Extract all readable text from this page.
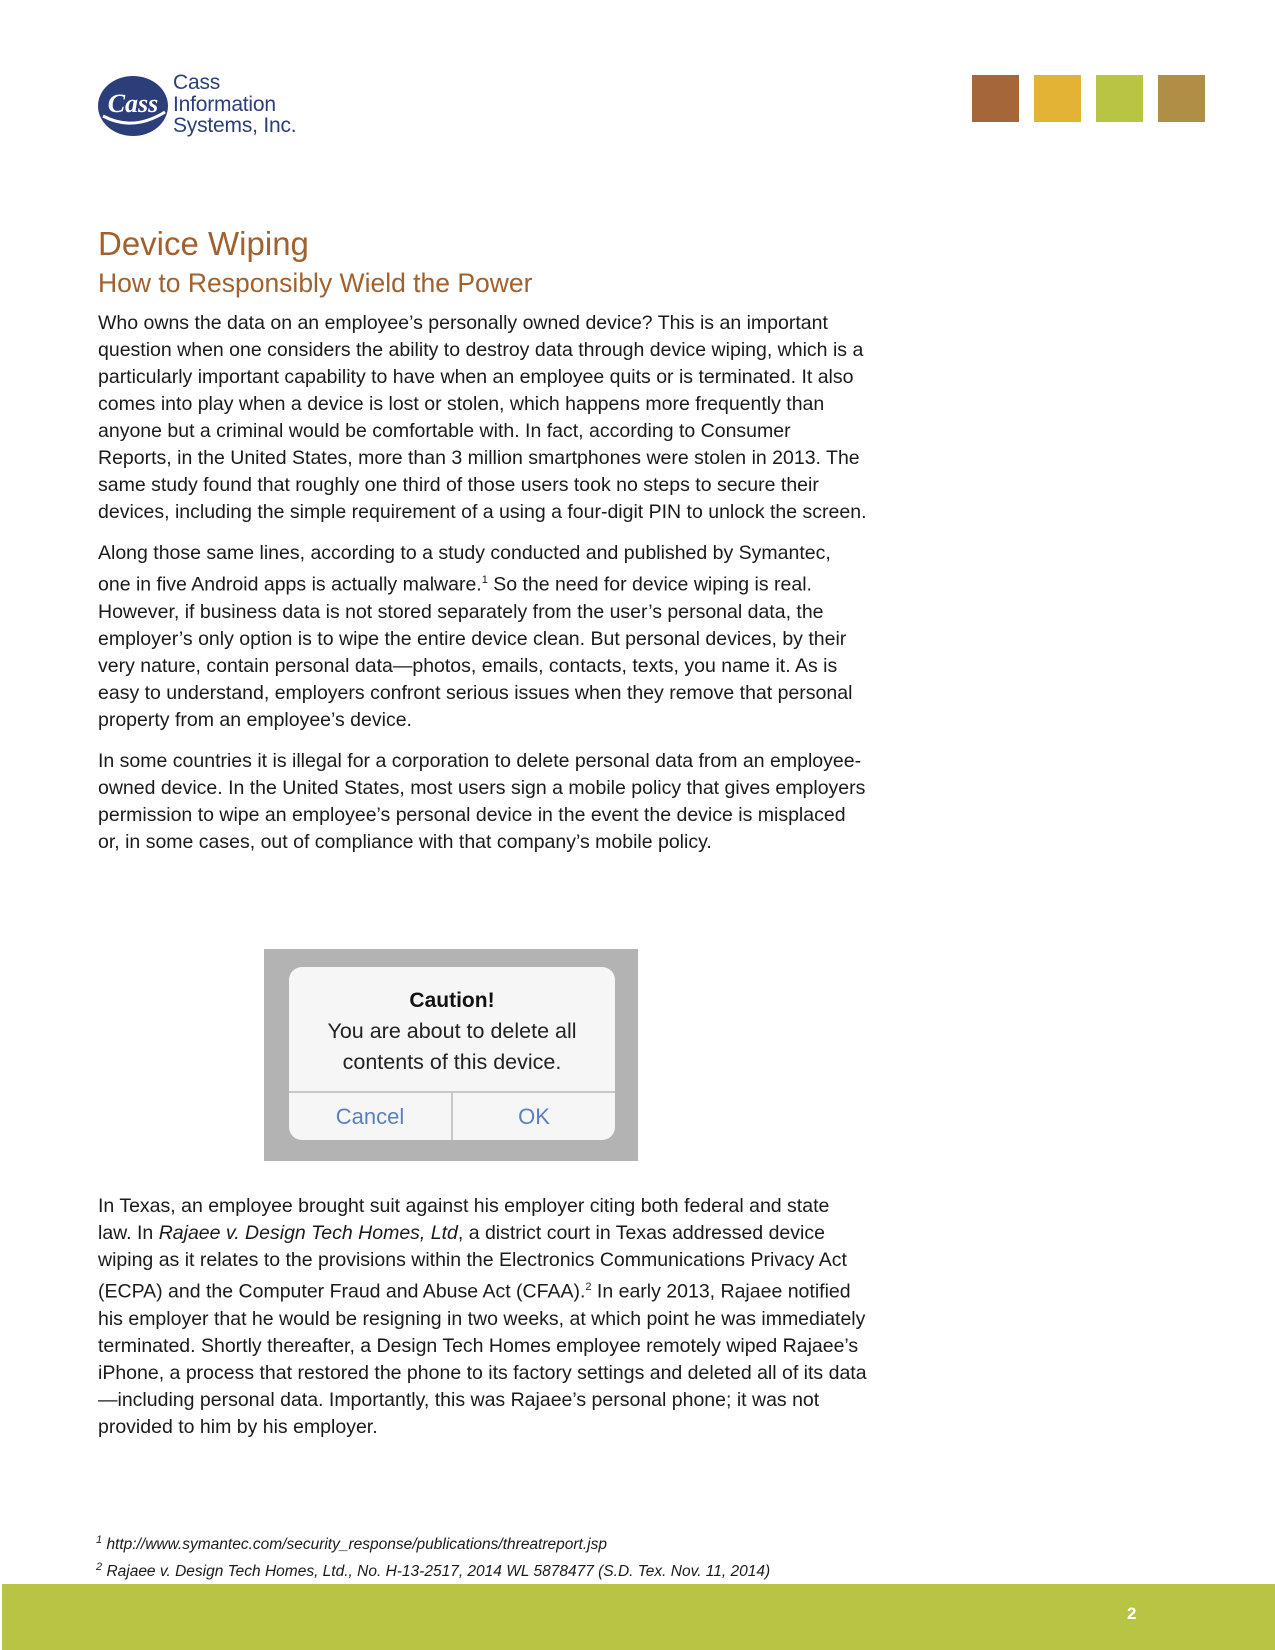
Cass
Cass
Information
Systems, Inc.
Device Wiping
How to Responsibly Wield the Power

Who owns the data on an employee’s personally owned device? This is an important question when one considers the ability to destroy data through device wiping, which is a particularly important capability to have when an employee quits or is terminated. It also comes into play when a device is lost or stolen, which happens more frequently than anyone but a criminal would be comfortable with. In fact, according to Consumer Reports, in the United States, more than 3 million smartphones were stolen in 2013. The same study found that roughly one third of those users took no steps to secure their devices, including the simple requirement of a using a four-digit PIN to unlock the screen.

Along those same lines, according to a study conducted and published by Symantec, one in five Android apps is actually malware.$^1$ So the need for device wiping is real. However, if business data is not stored separately from the user’s personal data, the employer’s only option is to wipe the entire device clean. But personal devices, by their very nature, contain personal data—photos, emails, contacts, texts, you name it. As is easy to understand, employers confront serious issues when they remove that personal property from an employee’s device.

In some countries it is illegal for a corporation to delete personal data from an employee-owned device. In the United States, most users sign a mobile policy that gives employers permission to wipe an employee’s personal device in the event the device is misplaced or, in some cases, out of compliance with that company’s mobile policy.

Caution!
You are about to delete all contents of this device.
Cancel	OK

In Texas, an employee brought suit against his employer citing both federal and state law. In Rajaee v. Design Tech Homes, Ltd, a district court in Texas addressed device wiping as it relates to the provisions within the Electronics Communications Privacy Act (ECPA) and the Computer Fraud and Abuse Act (CFAA).$^2$ In early 2013, Rajaee notified his employer that he would be resigning in two weeks, at which point he was immediately terminated. Shortly thereafter, a Design Tech Homes employee remotely wiped Rajaee’s iPhone, a process that restored the phone to its factory settings and deleted all of its data—including personal data. Importantly, this was Rajaee’s personal phone; it was not provided to him by his employer.

$^1$ http://www.symantec.com/security_response/publications/threatreport.jsp
$^2$ Rajaee v. Design Tech Homes, Ltd., No. H-13-2517, 2014 WL 5878477 (S.D. Tex. Nov. 11, 2014)
2
